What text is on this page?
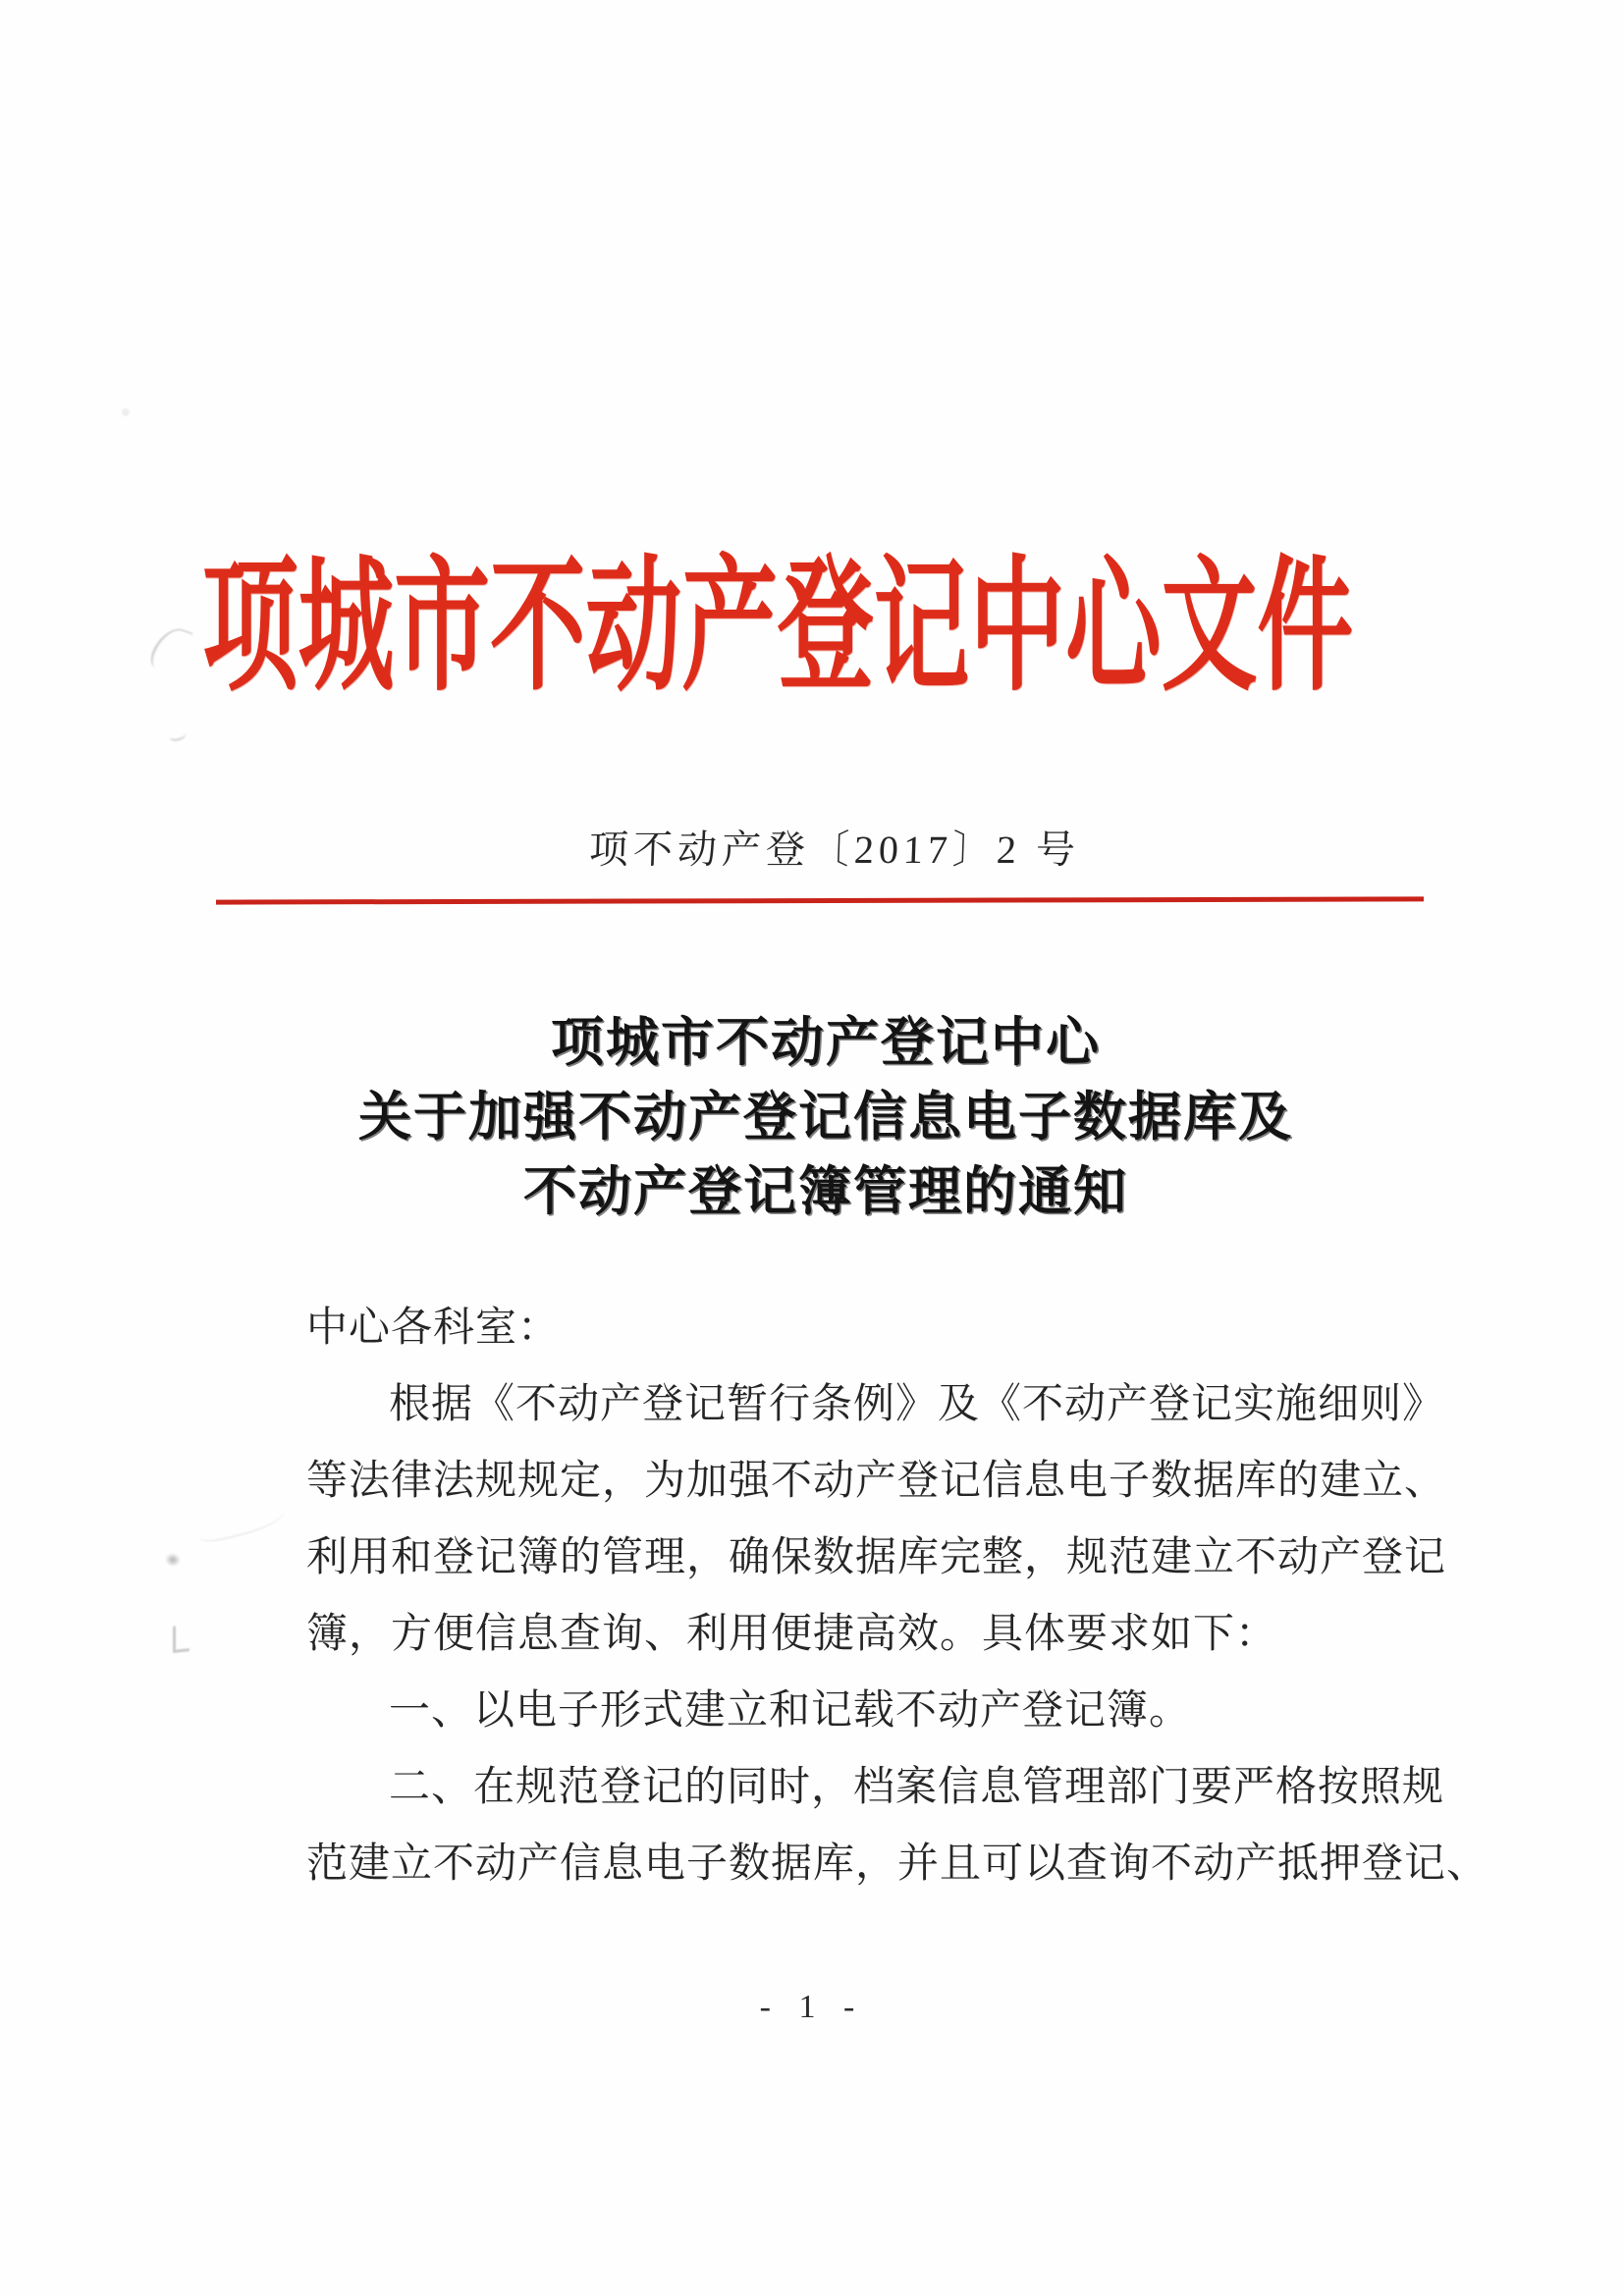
项城市不动产登记中心文件
项不动产登〔2017〕2 号
项城市不动产登记中心
关于加强不动产登记信息电子数据库及
不动产登记簿管理的通知
中心各科室：
根据《不动产登记暂行条例》及《不动产登记实施细则》
等法律法规规定，为加强不动产登记信息电子数据库的建立、
利用和登记簿的管理，确保数据库完整，规范建立不动产登记
簿，方便信息查询、利用便捷高效。具体要求如下：
一、以电子形式建立和记载不动产登记簿。
二、在规范登记的同时，档案信息管理部门要严格按照规
范建立不动产信息电子数据库，并且可以查询不动产抵押登记、
- 1 -
